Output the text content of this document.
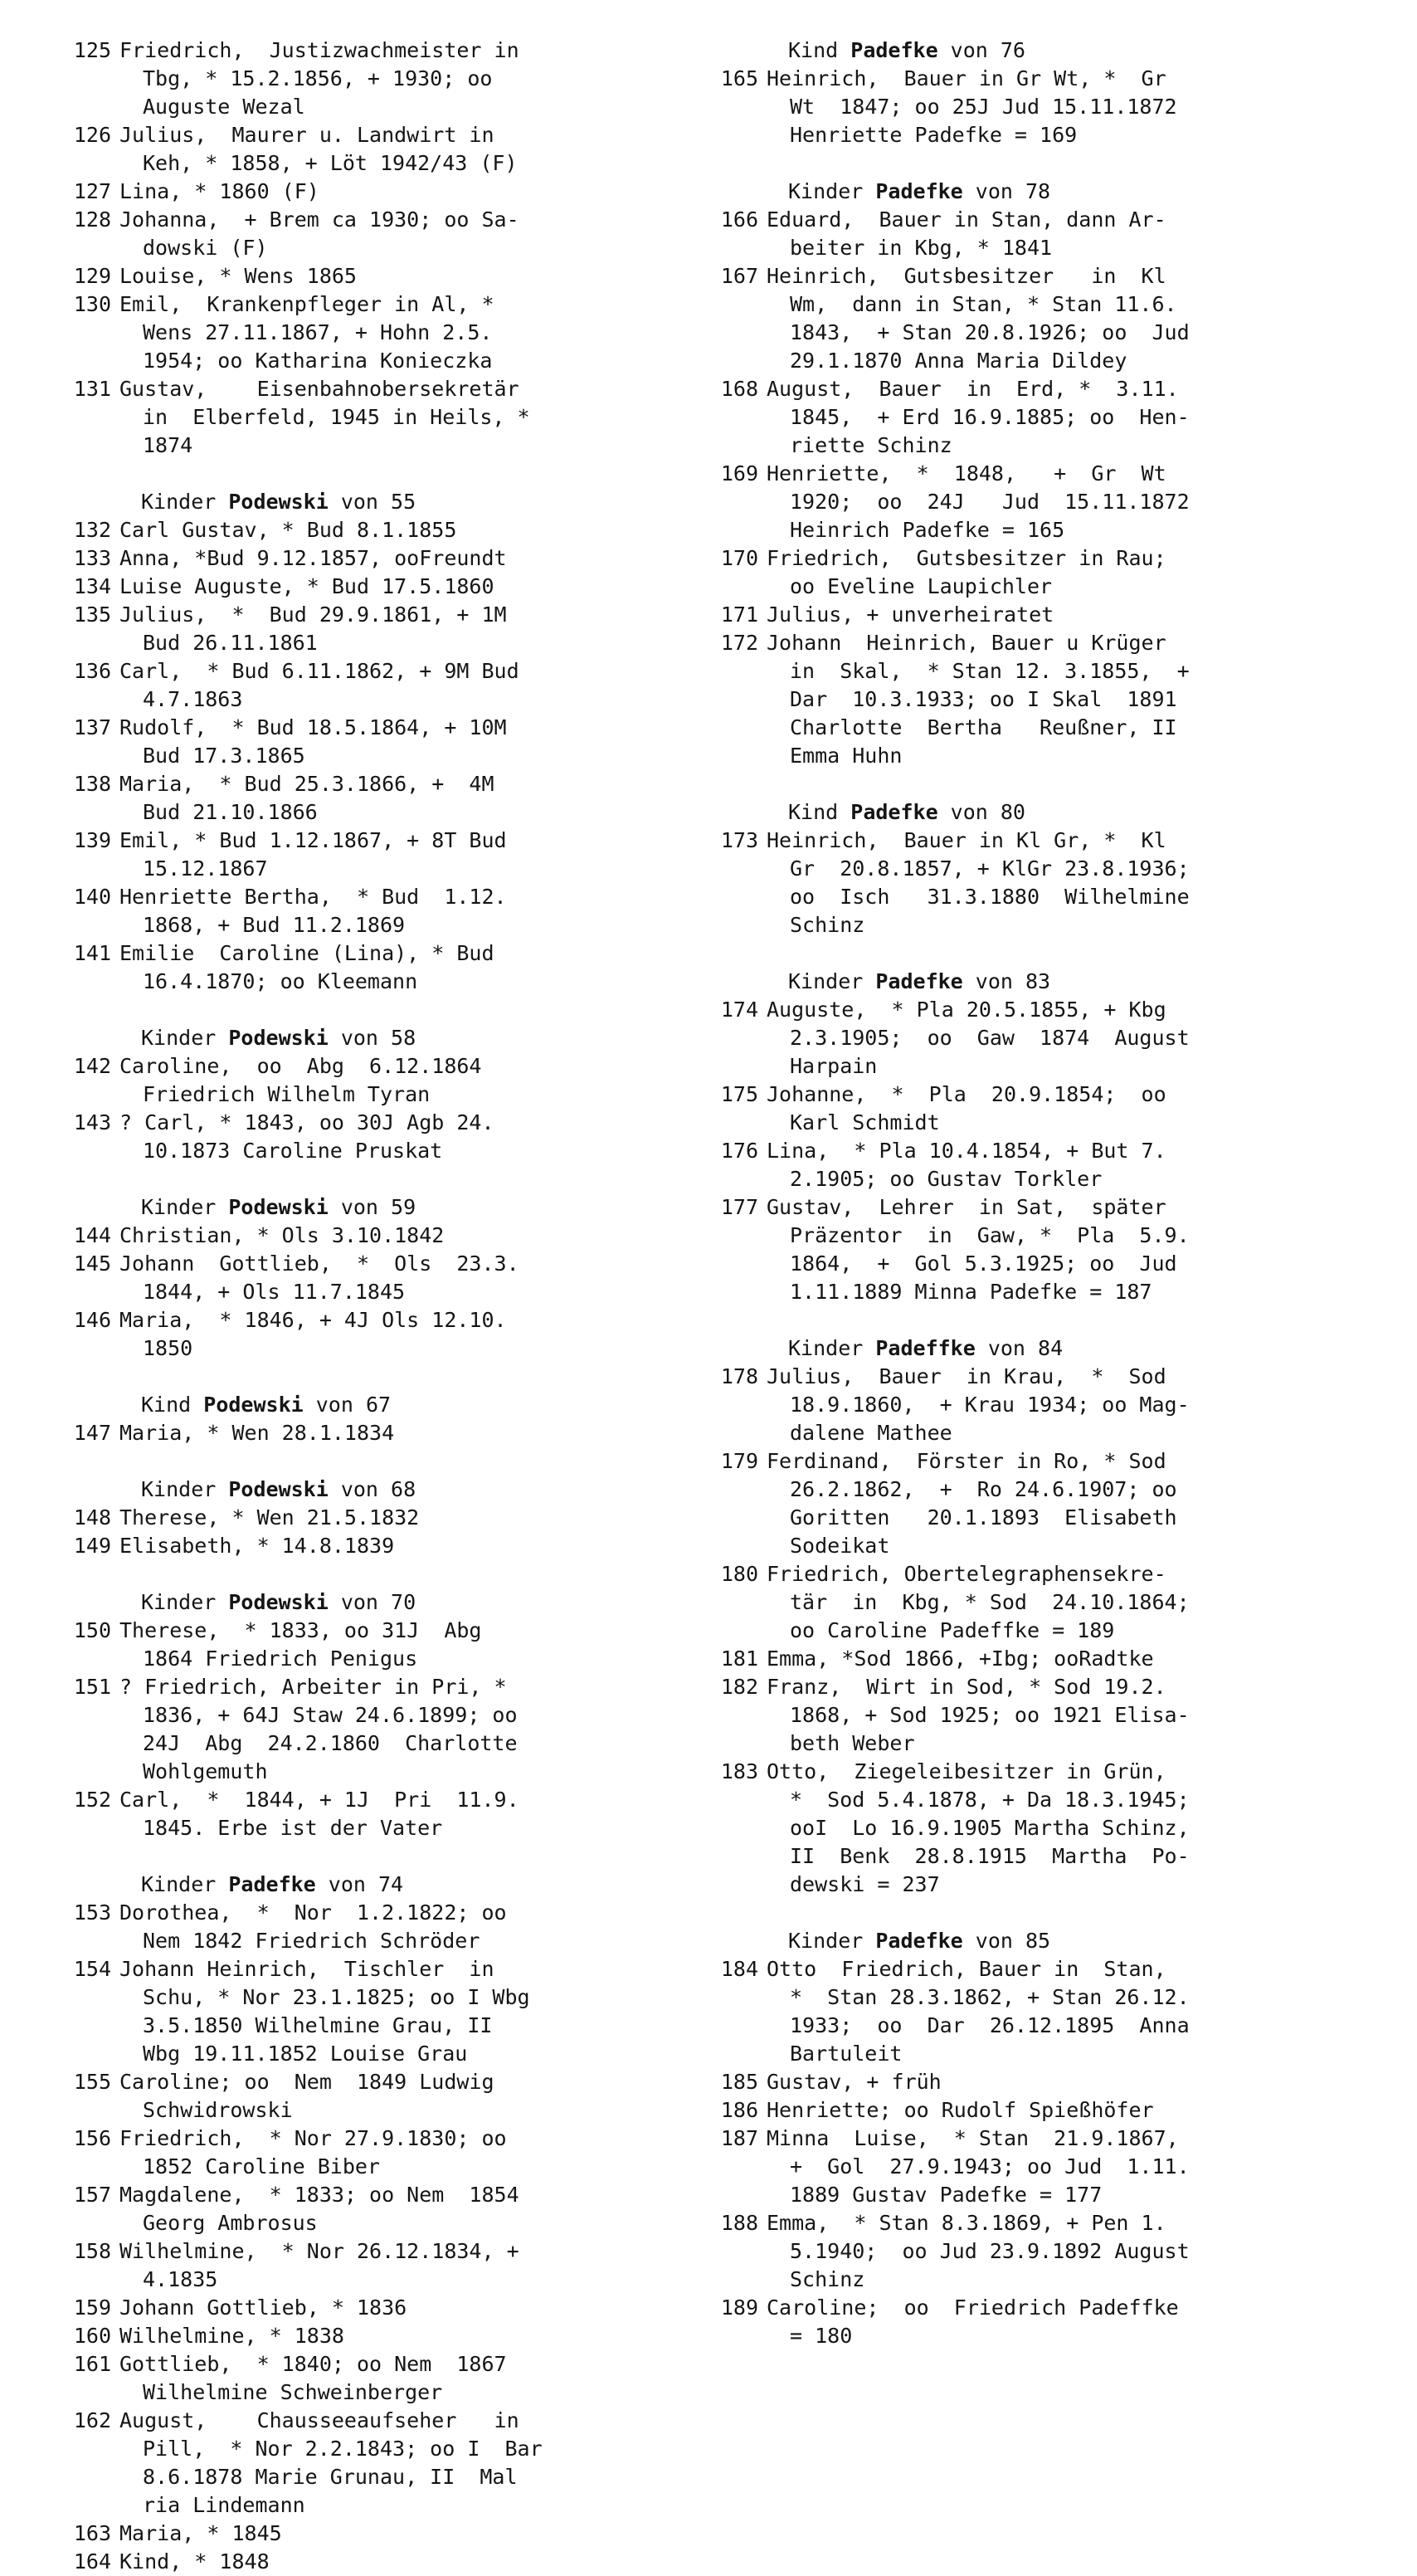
125 Friedrich,  Justizwachmeister in
Tbg, * 15.2.1856, + 1930; oo
Auguste Wezal
126 Julius,  Maurer u. Landwirt in
Keh, * 1858, + Löt 1942/43 (F)
127 Lina, * 1860 (F)
128 Johanna,  + Brem ca 1930; oo Sa-
dowski (F)
129 Louise, * Wens 1865
130 Emil,  Krankenpfleger in Al, *
Wens 27.11.1867, + Hohn 2.5.
1954; oo Katharina Konieczka
131 Gustav,    Eisenbahnobersekretär
in  Elberfeld, 1945 in Heils, *
1874
Kinder Podewski von 55
132 Carl Gustav, * Bud 8.1.1855
133 Anna, *Bud 9.12.1857, ooFreundt
134 Luise Auguste, * Bud 17.5.1860
135 Julius,  *  Bud 29.9.1861, + 1M
Bud 26.11.1861
136 Carl,  * Bud 6.11.1862, + 9M Bud
4.7.1863
137 Rudolf,  * Bud 18.5.1864, + 10M
Bud 17.3.1865
138 Maria,  * Bud 25.3.1866, +  4M
Bud 21.10.1866
139 Emil, * Bud 1.12.1867, + 8T Bud
15.12.1867
140 Henriette Bertha,  * Bud  1.12.
1868, + Bud 11.2.1869
141 Emilie  Caroline (Lina), * Bud
16.4.1870; oo Kleemann
Kinder Podewski von 58
142 Caroline,  oo  Abg  6.12.1864
Friedrich Wilhelm Tyran
143 ? Carl, * 1843, oo 30J Agb 24.
10.1873 Caroline Pruskat
Kinder Podewski von 59
144 Christian, * Ols 3.10.1842
145 Johann  Gottlieb,  *  Ols  23.3.
1844, + Ols 11.7.1845
146 Maria,  * 1846, + 4J Ols 12.10.
1850
Kind Podewski von 67
147 Maria, * Wen 28.1.1834
Kinder Podewski von 68
148 Therese, * Wen 21.5.1832
149 Elisabeth, * 14.8.1839
Kinder Podewski von 70
150 Therese,  * 1833, oo 31J  Abg
1864 Friedrich Penigus
151 ? Friedrich, Arbeiter in Pri, *
1836, + 64J Staw 24.6.1899; oo
24J  Abg  24.2.1860  Charlotte
Wohlgemuth
152 Carl,  *  1844, + 1J  Pri  11.9.
1845. Erbe ist der Vater
Kinder Padefke von 74
153 Dorothea,  *  Nor  1.2.1822; oo
Nem 1842 Friedrich Schröder
154 Johann Heinrich,  Tischler  in
Schu, * Nor 23.1.1825; oo I Wbg
3.5.1850 Wilhelmine Grau, II
Wbg 19.11.1852 Louise Grau
155 Caroline; oo  Nem  1849 Ludwig
Schwidrowski
156 Friedrich,  * Nor 27.9.1830; oo
1852 Caroline Biber
157 Magdalene,  * 1833; oo Nem  1854
Georg Ambrosus
158 Wilhelmine,  * Nor 26.12.1834, +
4.1835
159 Johann Gottlieb, * 1836
160 Wilhelmine, * 1838
161 Gottlieb,  * 1840; oo Nem  1867
Wilhelmine Schweinberger
162 August,    Chausseeaufseher   in
Pill,  * Nor 2.2.1843; oo I  Bar
8.6.1878 Marie Grunau, II  Mal
ria Lindemann
163 Maria, * 1845
164 Kind, * 1848
Kind Padefke von 76
165 Heinrich,  Bauer in Gr Wt, *  Gr
Wt  1847; oo 25J Jud 15.11.1872
Henriette Padefke = 169
Kinder Padefke von 78
166 Eduard,  Bauer in Stan, dann Ar-
beiter in Kbg, * 1841
167 Heinrich,  Gutsbesitzer   in  Kl
Wm,  dann in Stan, * Stan 11.6.
1843,  + Stan 20.8.1926; oo  Jud
29.1.1870 Anna Maria Dildey
168 August,  Bauer  in  Erd, *  3.11.
1845,  + Erd 16.9.1885; oo  Hen-
riette Schinz
169 Henriette,  *  1848,   +  Gr  Wt
1920;  oo  24J   Jud  15.11.1872
Heinrich Padefke = 165
170 Friedrich,  Gutsbesitzer in Rau;
oo Eveline Laupichler
171 Julius, + unverheiratet
172 Johann  Heinrich, Bauer u Krüger
in  Skal,  * Stan 12. 3.1855,  +
Dar  10.3.1933; oo I Skal  1891
Charlotte  Bertha   Reußner, II
Emma Huhn
Kind Padefke von 80
173 Heinrich,  Bauer in Kl Gr, *  Kl
Gr  20.8.1857, + KlGr 23.8.1936;
oo  Isch   31.3.1880  Wilhelmine
Schinz
Kinder Padefke von 83
174 Auguste,  * Pla 20.5.1855, + Kbg
2.3.1905;  oo  Gaw  1874  August
Harpain
175 Johanne,  *  Pla  20.9.1854;  oo
Karl Schmidt
176 Lina,  * Pla 10.4.1854, + But 7.
2.1905; oo Gustav Torkler
177 Gustav,  Lehrer  in Sat,  später
Präzentor  in  Gaw, *  Pla  5.9.
1864,  +  Gol 5.3.1925; oo  Jud
1.11.1889 Minna Padefke = 187
Kinder Padeffke von 84
178 Julius,  Bauer  in Krau,  *  Sod
18.9.1860,  + Krau 1934; oo Mag-
dalene Mathee
179 Ferdinand,  Förster in Ro, * Sod
26.2.1862,  +  Ro 24.6.1907; oo
Goritten   20.1.1893  Elisabeth
Sodeikat
180 Friedrich, Obertelegraphensekre-
tär  in  Kbg, * Sod  24.10.1864;
oo Caroline Padeffke = 189
181 Emma, *Sod 1866, +Ibg; ooRadtke
182 Franz,  Wirt in Sod, * Sod 19.2.
1868, + Sod 1925; oo 1921 Elisa-
beth Weber
183 Otto,  Ziegeleibesitzer in Grün,
*  Sod 5.4.1878, + Da 18.3.1945;
ooI  Lo 16.9.1905 Martha Schinz,
II  Benk  28.8.1915  Martha  Po-
dewski = 237
Kinder Padefke von 85
184 Otto  Friedrich, Bauer in  Stan,
*  Stan 28.3.1862, + Stan 26.12.
1933;  oo  Dar  26.12.1895  Anna
Bartuleit
185 Gustav, + früh
186 Henriette; oo Rudolf Spießhöfer
187 Minna  Luise,  * Stan  21.9.1867,
+  Gol  27.9.1943; oo Jud  1.11.
1889 Gustav Padefke = 177
188 Emma,  * Stan 8.3.1869, + Pen 1.
5.1940;  oo Jud 23.9.1892 August
Schinz
189 Caroline;  oo  Friedrich Padeffke
= 180
